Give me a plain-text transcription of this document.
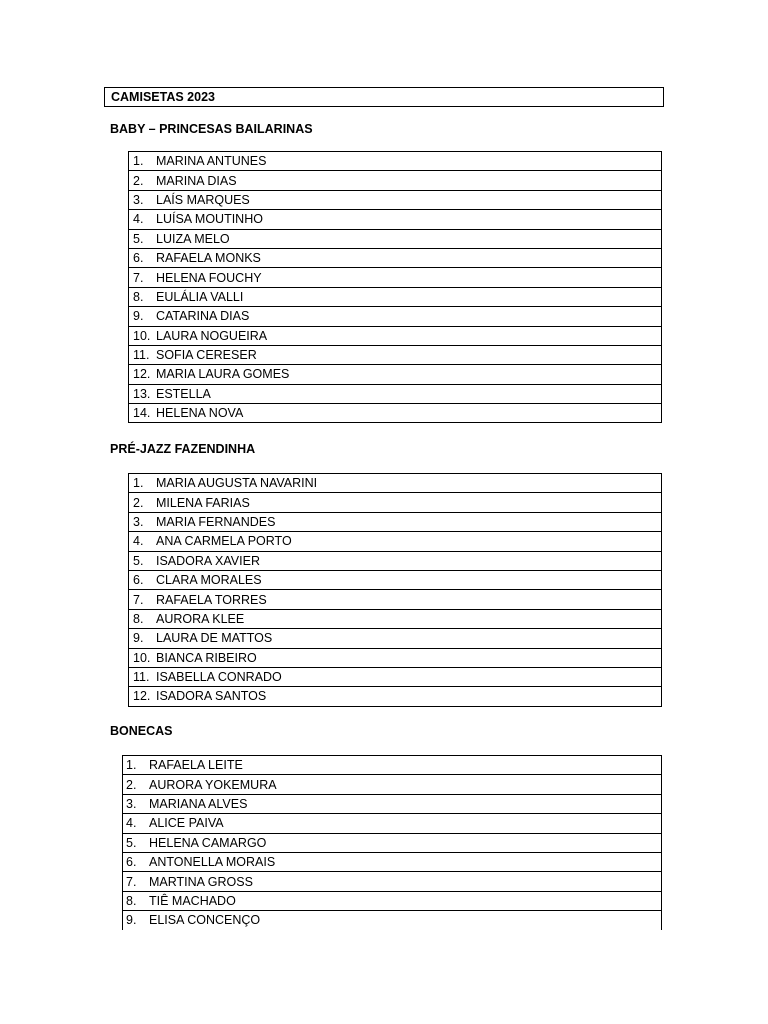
CAMISETAS 2023
BABY – PRINCESAS BAILARINAS
1.	MARINA ANTUNES
2.	MARINA DIAS
3.	LAÍS MARQUES
4.	LUÍSA MOUTINHO
5.	LUIZA MELO
6.	RAFAELA MONKS
7.	HELENA FOUCHY
8.	EULÁLIA VALLI
9.	CATARINA DIAS
10. LAURA NOGUEIRA
11. SOFIA CERESER
12. MARIA LAURA GOMES
13. ESTELLA
14. HELENA NOVA
PRÉ-JAZZ FAZENDINHA
1.	MARIA AUGUSTA NAVARINI
2.	MILENA FARIAS
3.	MARIA FERNANDES
4.	ANA CARMELA PORTO
5.	ISADORA XAVIER
6.	CLARA MORALES
7.	RAFAELA TORRES
8.	AURORA KLEE
9.	LAURA DE MATTOS
10. BIANCA RIBEIRO
11. ISABELLA CONRADO
12. ISADORA SANTOS
BONECAS
1.	RAFAELA LEITE
2.	AURORA YOKEMURA
3.	MARIANA ALVES
4.	ALICE PAIVA
5.	HELENA CAMARGO
6.	ANTONELLA MORAIS
7.	MARTINA GROSS
8.	TIÊ MACHADO
9.	ELISA CONCENÇO
